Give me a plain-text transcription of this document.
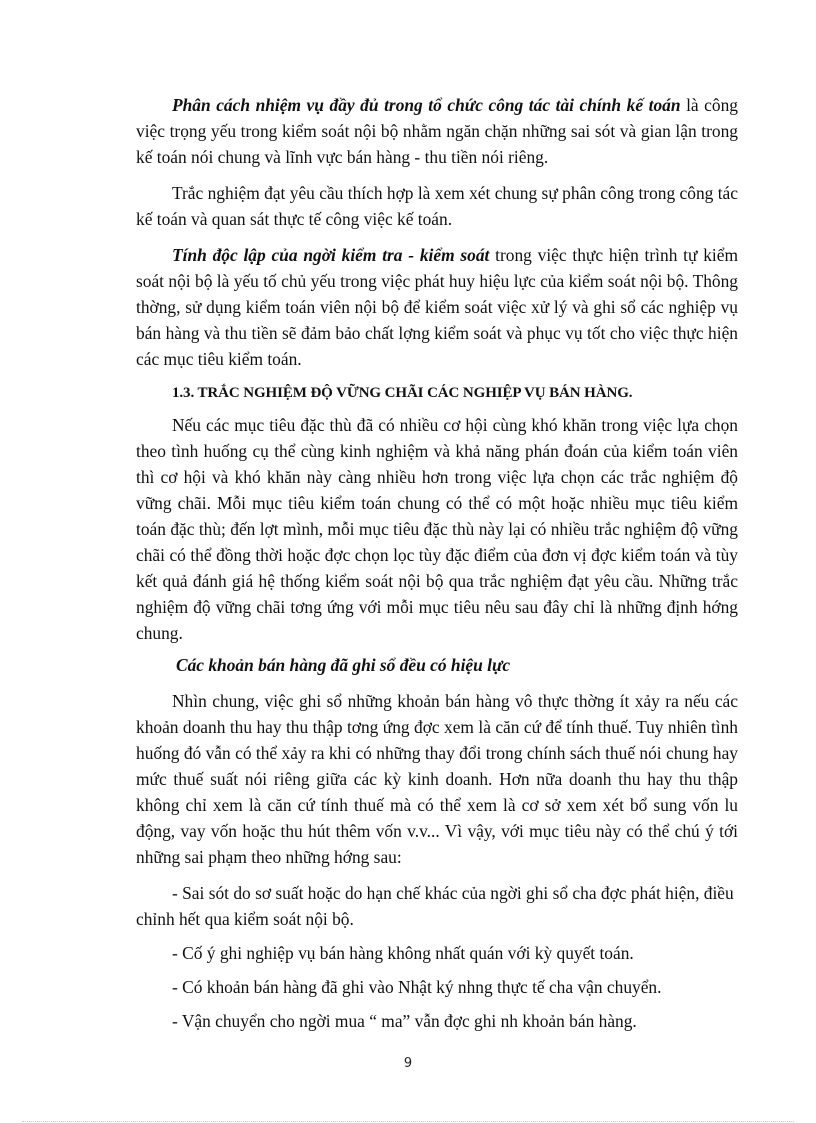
Phân cách nhiệm vụ đầy đủ trong tổ chức công tác tài chính kế toán là công việc trọng yếu trong kiểm soát nội bộ nhằm ngăn chặn những sai sót và gian lận trong kế toán nói chung và lĩnh vực bán hàng - thu tiền nói riêng.

Trắc nghiệm đạt yêu cầu thích hợp là xem xét chung sự phân công trong công tác kế toán và quan sát thực tế công việc kế toán.

Tính độc lập của ngời kiểm tra - kiểm soát trong việc thực hiện trình tự kiểm soát nội bộ là yếu tố chủ yếu trong việc phát huy hiệu lực của kiểm soát nội bộ. Thông thờng, sử dụng kiểm toán viên nội bộ để kiểm soát việc xử lý và ghi sổ các nghiệp vụ bán hàng và thu tiền sẽ đảm bảo chất lợng kiểm soát và phục vụ tốt cho việc thực hiện các mục tiêu kiểm toán.

1.3. TRẮC NGHIỆM ĐỘ VỮNG CHÃI CÁC NGHIỆP VỤ BÁN HÀNG.

Nếu các mục tiêu đặc thù đã có nhiều cơ hội cùng khó khăn trong việc lựa chọn theo tình huống cụ thể cùng kinh nghiệm và khả năng phán đoán của kiểm toán viên thì cơ hội và khó khăn này càng nhiều hơn trong việc lựa chọn các trắc nghiệm độ vững chãi. Mỗi mục tiêu kiểm toán chung có thể có một hoặc nhiều mục tiêu kiểm toán đặc thù; đến lợt mình, mỗi mục tiêu đặc thù này lại có nhiều trắc nghiệm độ vững chãi có thể đồng thời hoặc đợc chọn lọc tùy đặc điểm của đơn vị đợc kiểm toán và tùy kết quả đánh giá hệ thống kiểm soát nội bộ qua trắc nghiệm đạt yêu cầu. Những trắc nghiệm độ vững chãi tơng ứng với mỗi mục tiêu nêu sau đây chỉ là những định hớng chung.

Các khoản bán hàng đã ghi sổ đều có hiệu lực

Nhìn chung, việc ghi sổ những khoản bán hàng vô thực thờng ít xảy ra nếu các khoản doanh thu hay thu thập tơng ứng đợc xem là căn cứ để tính thuế. Tuy nhiên tình huống đó vẫn có thể xảy ra khi có những thay đổi trong chính sách thuế nói chung hay mức thuế suất nói riêng giữa các kỳ kinh doanh. Hơn nữa doanh thu hay thu thập không chỉ xem là căn cứ tính thuế mà có thể xem là cơ sở xem xét bổ sung vốn lu động, vay vốn hoặc thu hút thêm vốn v.v... Vì vậy, với mục tiêu này có thể chú ý tới những sai phạm theo những hớng sau:

- Sai sót do sơ suất hoặc do hạn chế khác của ngời ghi sổ cha đợc phát hiện, điều chỉnh hết qua kiểm soát nội bộ.
- Cố ý ghi nghiệp vụ bán hàng không nhất quán với kỳ quyết toán.
- Có khoản bán hàng đã ghi vào Nhật ký nhng thực tế cha vận chuyển.
- Vận chuyển cho ngời mua “ ma” vẫn đợc ghi nh khoản bán hàng.
9
